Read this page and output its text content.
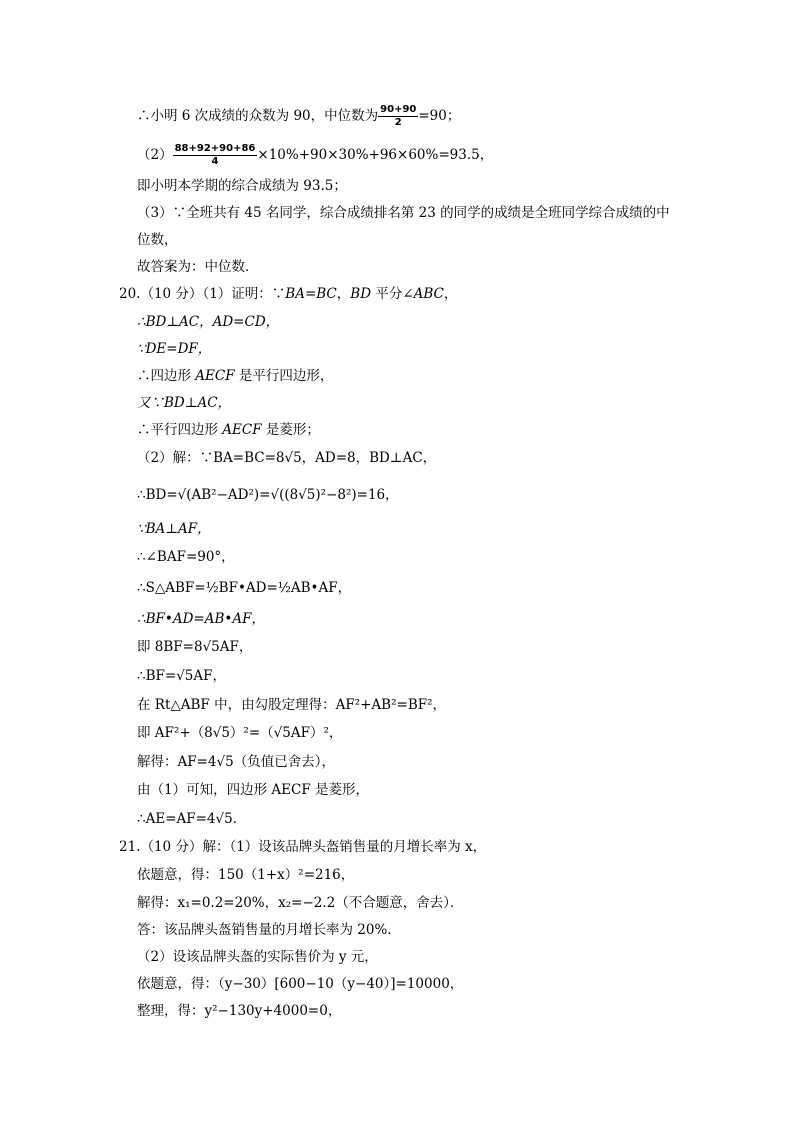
∴小明 6 次成绩的众数为 90，中位数为 $\frac{90+90}{2} =90$；
$(2) \frac{88+92+90+86}{4} \times 10\%+90\times 30\%+96\times 60\%=93.5$，
即小明本学期的综合成绩为 93.5；
（3）∵全班共有 45 名同学，综合成绩排名第 23 的同学的成绩是全班同学综合成绩的中
位数，
故答案为：中位数．
20.（10 分）（1）证明：∵BA=BC，BD 平分∠ABC，
∴BD⊥AC，AD=CD，
∵DE=DF，
∴四边形 AECF 是平行四边形，
又∵BD⊥AC，
∴平行四边形 AECF 是菱形；
（2）解：∵BA=BC=8√5，AD=8，BD⊥AC，
∴BD=√(AB²−AD²)=√((8√5)²−8²)=16，
∵BA⊥AF，
∴∠BAF=90°，
∴S△ABF=½BF•AD=½AB•AF，
∴BF•AD=AB•AF，
即 8BF=8√5AF，
∴BF=√5AF，
在 Rt△ABF 中，由勾股定理得：AF²+AB²=BF²，
即 AF²+（8√5）²=（√5AF）²，
解得：AF=4√5（负值已舍去），
由（1）可知，四边形 AECF 是菱形，
∴AE=AF=4√5．
21.（10 分）解：（1）设该品牌头盔销售量的月增长率为 x，
依题意，得：150（1+x）²=216，
解得：x₁=0.2=20%，x₂=−2.2（不合题意，舍去）．
答：该品牌头盔销售量的月增长率为 20%．
（2）设该品牌头盔的实际售价为 y 元，
依题意，得：（y−30）[600−10（y−40）]=10000，
整理，得：y²−130y+4000=0，
